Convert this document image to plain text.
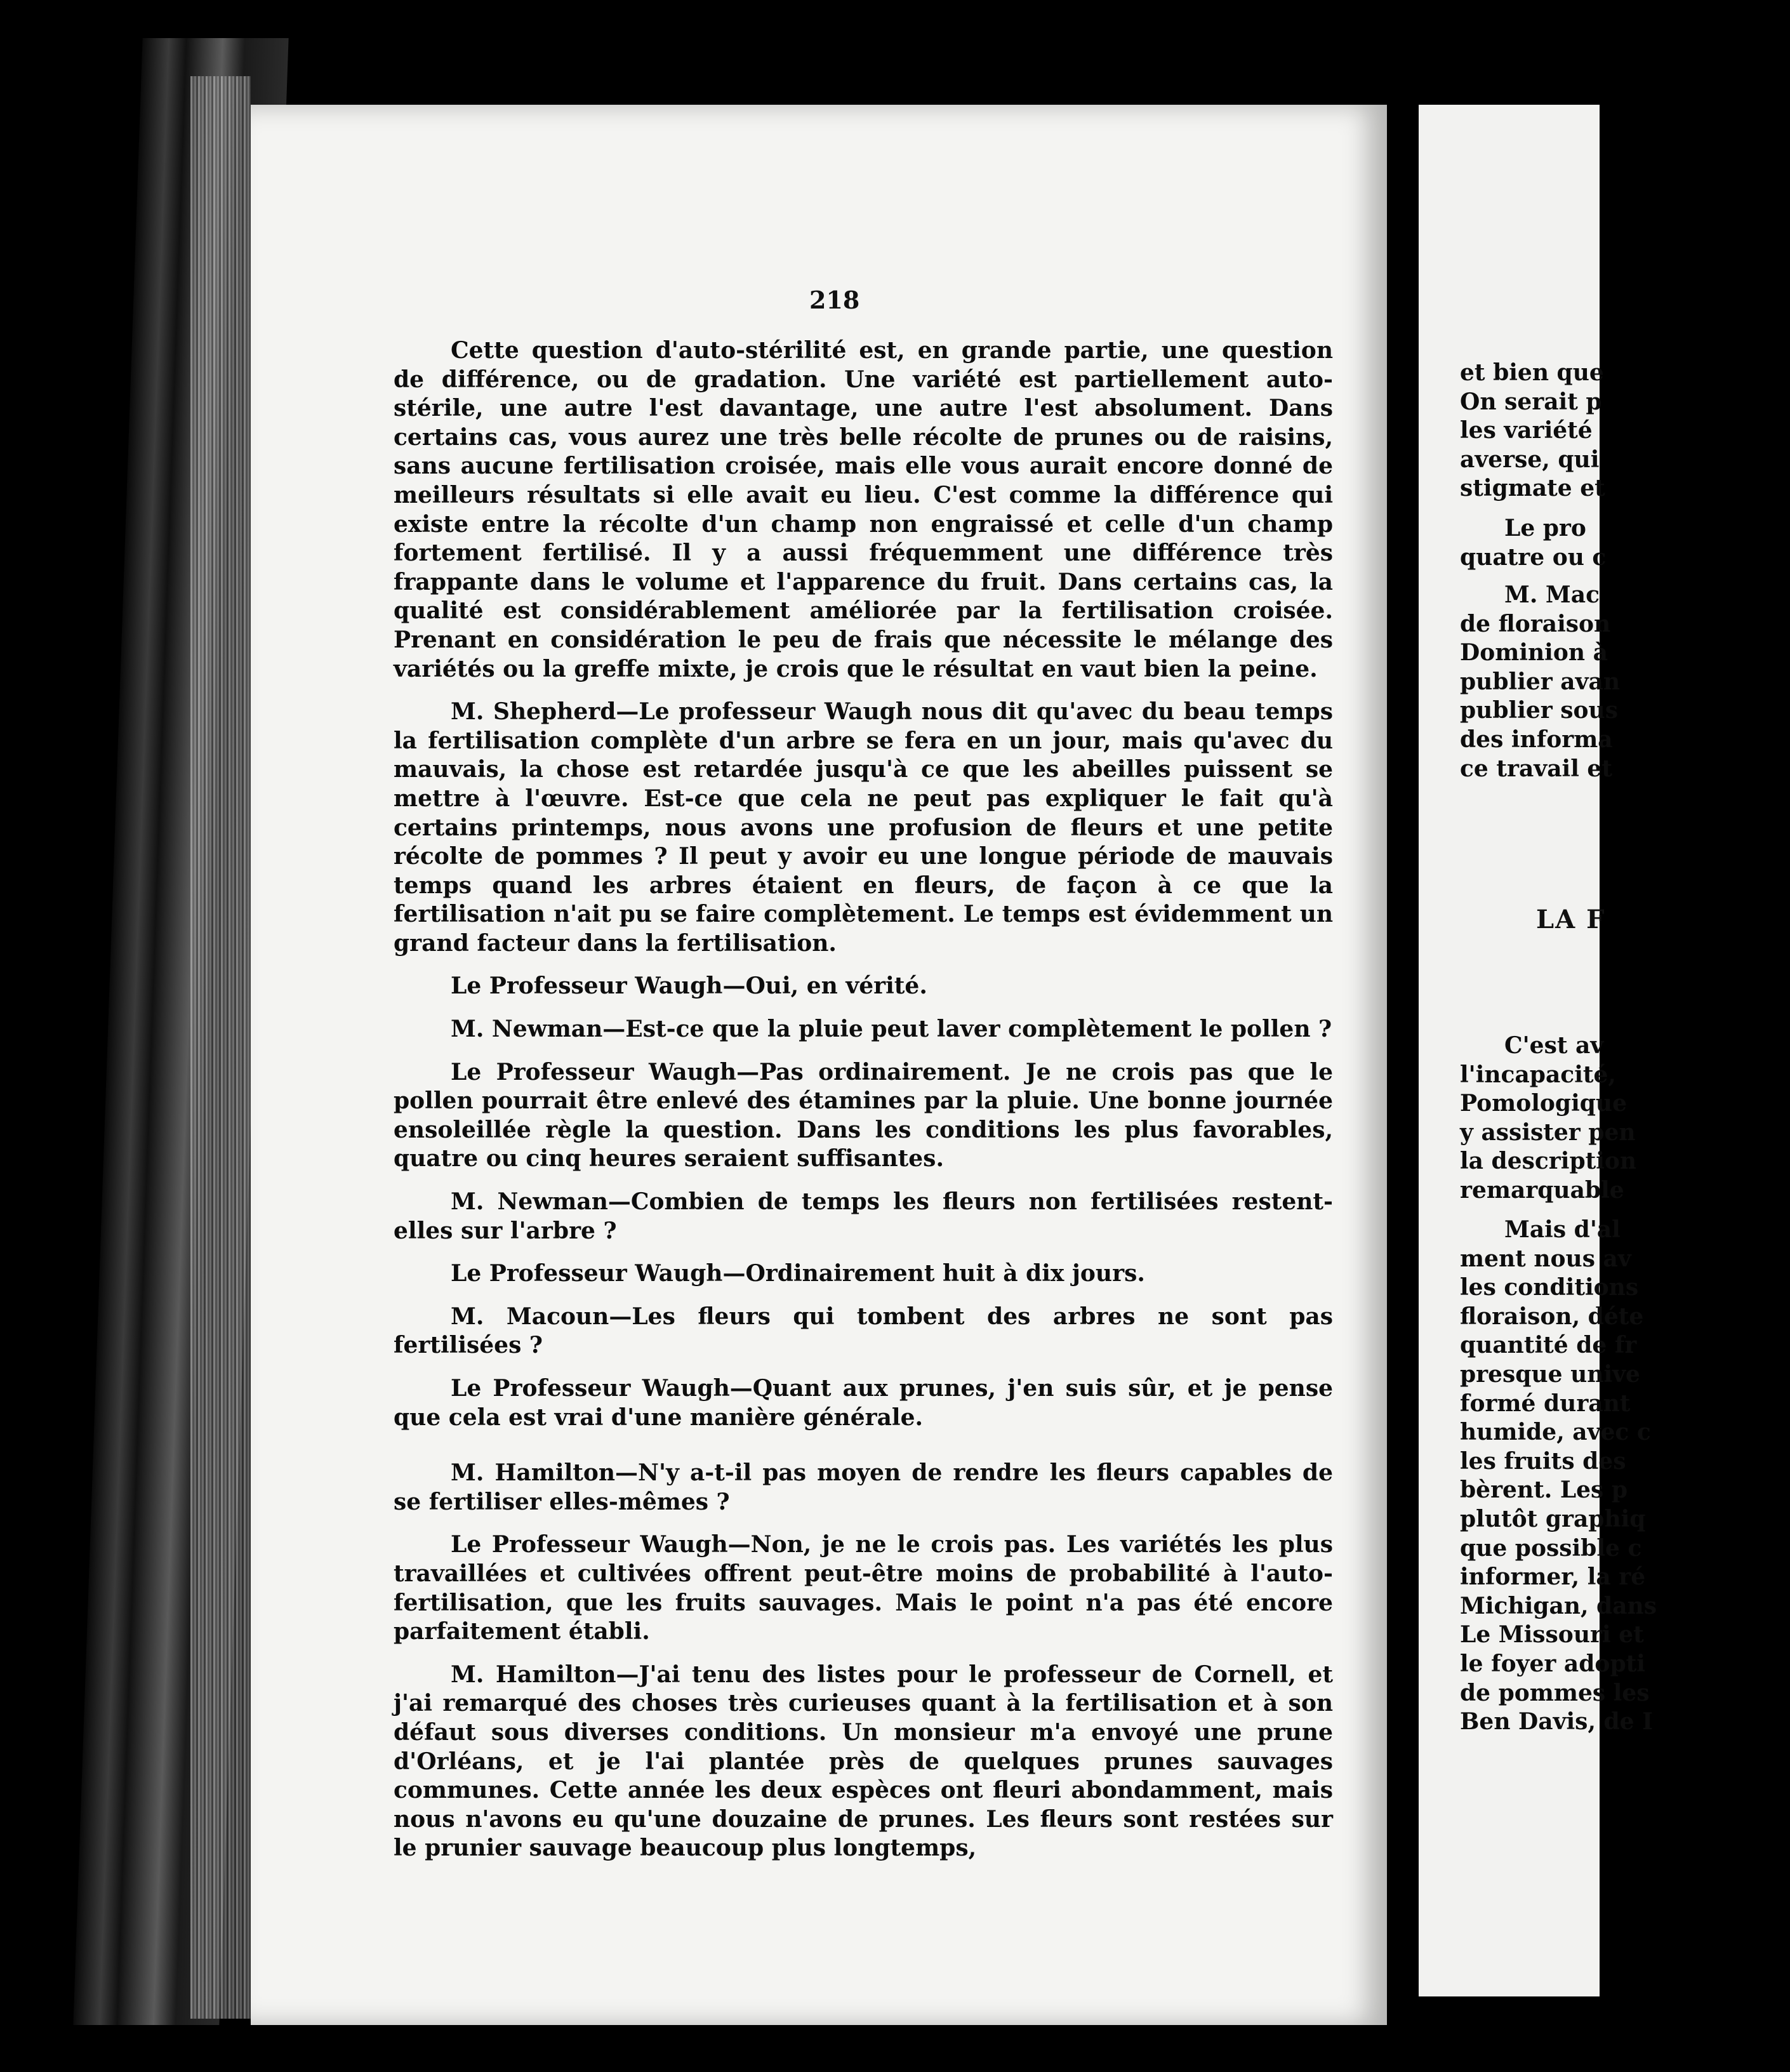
218

Cette question d'auto-stérilité est, en grande partie, une question de différence, ou de gradation. Une variété est partiellement auto-stérile, une autre l'est davantage, une autre l'est absolument. Dans certains cas, vous aurez une très belle récolte de prunes ou de raisins, sans aucune fertilisation croisée, mais elle vous aurait encore donné de meilleurs résultats si elle avait eu lieu. C'est comme la différence qui existe entre la récolte d'un champ non engraissé et celle d'un champ fortement fertilisé. Il y a aussi fréquemment une différence très frappante dans le volume et l'apparence du fruit. Dans certains cas, la qualité est considérablement améliorée par la fertilisation croisée. Prenant en considération le peu de frais que nécessite le mélange des variétés ou la greffe mixte, je crois que le résultat en vaut bien la peine.

M. Shepherd—Le professeur Waugh nous dit qu'avec du beau temps la fertilisation complète d'un arbre se fera en un jour, mais qu'avec du mauvais, la chose est retardée jusqu'à ce que les abeilles puissent se mettre à l'œuvre. Est-ce que cela ne peut pas expliquer le fait qu'à certains printemps, nous avons une profusion de fleurs et une petite récolte de pommes ? Il peut y avoir eu une longue période de mauvais temps quand les arbres étaient en fleurs, de façon à ce que la fertilisation n'ait pu se faire complètement. Le temps est évidemment un grand facteur dans la fertilisation.

Le Professeur Waugh—Oui, en vérité.

M. Newman—Est-ce que la pluie peut laver complètement le pollen ?

Le Professeur Waugh—Pas ordinairement. Je ne crois pas que le pollen pourrait être enlevé des étamines par la pluie. Une bonne journée ensoleillée règle la question. Dans les conditions les plus favorables, quatre ou cinq heures seraient suffisantes.

M. Newman—Combien de temps les fleurs non fertilisées restent-elles sur l'arbre ?

Le Professeur Waugh—Ordinairement huit à dix jours.

M. Macoun—Les fleurs qui tombent des arbres ne sont pas fertilisées ?

Le Professeur Waugh—Quant aux prunes, j'en suis sûr, et je pense que cela est vrai d'une manière générale.

M. Hamilton—N'y a-t-il pas moyen de rendre les fleurs capables de se fertiliser elles-mêmes ?

Le Professeur Waugh—Non, je ne le crois pas. Les variétés les plus travaillées et cultivées offrent peut-être moins de probabilité à l'auto-fertilisation, que les fruits sauvages. Mais le point n'a pas été encore parfaitement établi.

M. Hamilton—J'ai tenu des listes pour le professeur de Cornell, et j'ai remarqué des choses très curieuses quant à la fertilisation et à son défaut sous diverses conditions. Un monsieur m'a envoyé une prune d'Orléans, et je l'ai plantée près de quelques prunes sauvages communes. Cette année les deux espèces ont fleuri abondamment, mais nous n'avons eu qu'une douzaine de prunes. Les fleurs sont restées sur le prunier sauvage beaucoup plus longtemps,

et bien que
On serait p
les variété
averse, qui
stigmate et
Le pro
quatre ou c
M. Mac
de floraison
Dominion à
publier avan
publier sous
des informa
ce travail et
LA F
C'est av
l'incapacité,
Pomologique
y assister pen
la description
remarquable
Mais d'al
ment nous av
les conditions
floraison, déte
quantité de fr
presque unive
formé durant
humide, avec c
les fruits des
bèrent. Les p
plutôt graphiq
que possible c
informer, la ré
Michigan, dans
Le Missouri et
le foyer adopti
de pommes les
Ben Davis, de I
